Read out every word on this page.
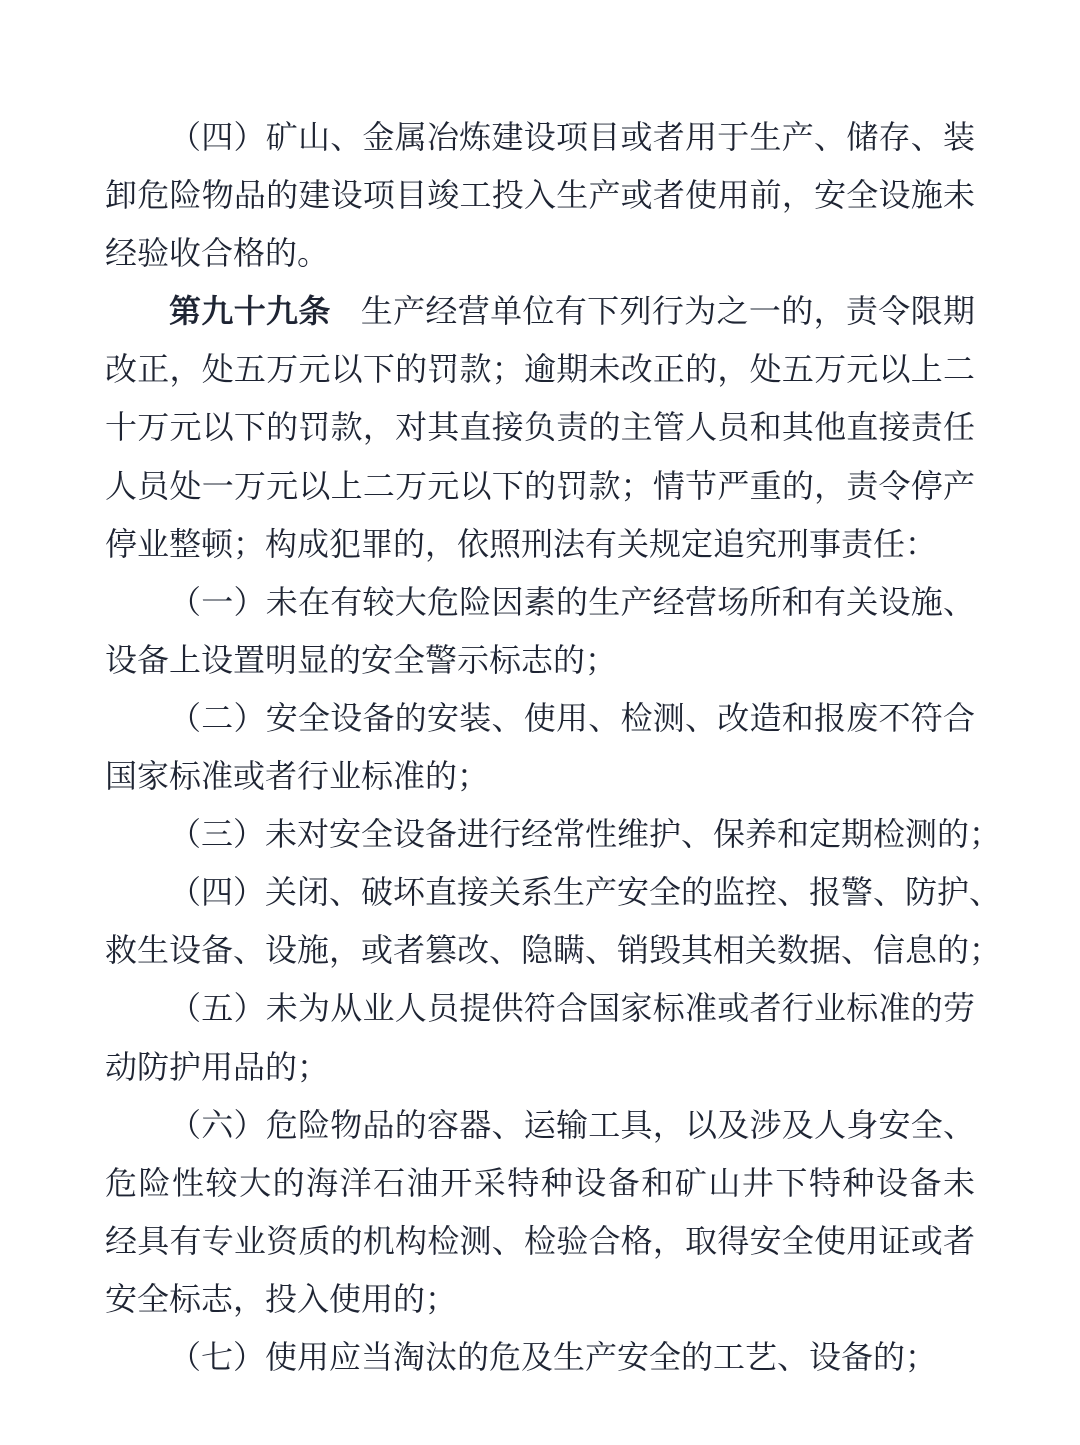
（四）矿山、金属冶炼建设项目或者用于生产、储存、装
卸危险物品的建设项目竣工投入生产或者使用前，安全设施未
经验收合格的。
第九十九条 生产经营单位有下列行为之一的，责令限期
改正，处五万元以下的罚款；逾期未改正的，处五万元以上二
十万元以下的罚款，对其直接负责的主管人员和其他直接责任
人员处一万元以上二万元以下的罚款；情节严重的，责令停产
停业整顿；构成犯罪的，依照刑法有关规定追究刑事责任：
（一）未在有较大危险因素的生产经营场所和有关设施、
设备上设置明显的安全警示标志的；
（二）安全设备的安装、使用、检测、改造和报废不符合
国家标准或者行业标准的；
（三）未对安全设备进行经常性维护、保养和定期检测的；
（四）关闭、破坏直接关系生产安全的监控、报警、防护、
救生设备、设施，或者篡改、隐瞒、销毁其相关数据、信息的；
（五）未为从业人员提供符合国家标准或者行业标准的劳
动防护用品的；
（六）危险物品的容器、运输工具，以及涉及人身安全、
危险性较大的海洋石油开采特种设备和矿山井下特种设备未
经具有专业资质的机构检测、检验合格，取得安全使用证或者
安全标志，投入使用的；
（七）使用应当淘汰的危及生产安全的工艺、设备的；
